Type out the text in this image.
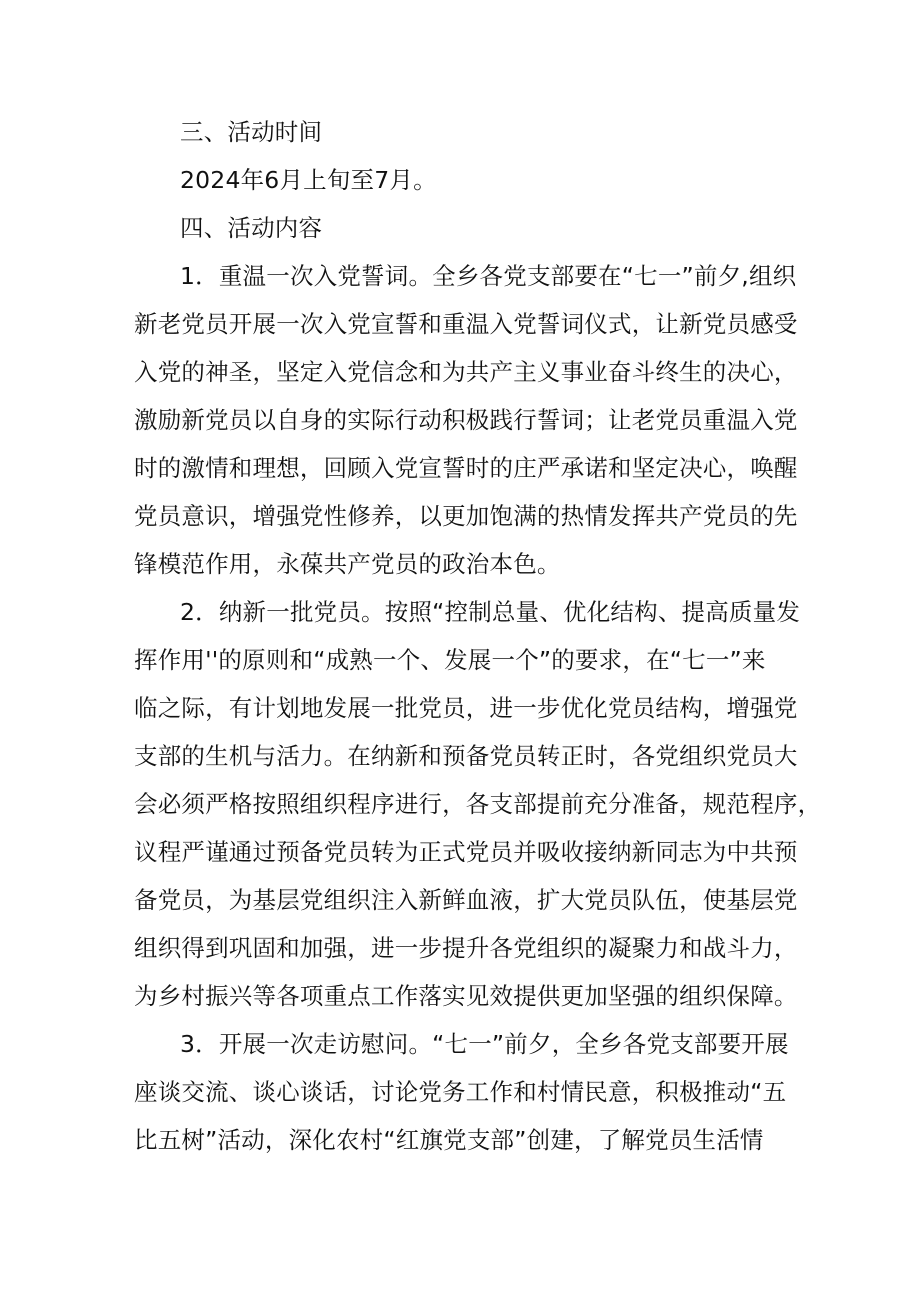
三、活动时间
2024年6月上旬至7月。
四、活动内容
1．重温一次入党誓词。全乡各党支部要在“七一”前夕,组织
新老党员开展一次入党宣誓和重温入党誓词仪式，让新党员感受
入党的神圣，坚定入党信念和为共产主义事业奋斗终生的决心，
激励新党员以自身的实际行动积极践行誓词；让老党员重温入党
时的激情和理想，回顾入党宣誓时的庄严承诺和坚定决心，唤醒
党员意识，增强党性修养，以更加饱满的热情发挥共产党员的先
锋模范作用，永葆共产党员的政治本色。
2．纳新一批党员。按照“控制总量、优化结构、提高质量发
挥作用''的原则和“成熟一个、发展一个”的要求，在“七一”来
临之际，有计划地发展一批党员，进一步优化党员结构，增强党
支部的生机与活力。在纳新和预备党员转正时，各党组织党员大
会必须严格按照组织程序进行，各支部提前充分准备，规范程序，
议程严谨通过预备党员转为正式党员并吸收接纳新同志为中共预
备党员，为基层党组织注入新鲜血液，扩大党员队伍，使基层党
组织得到巩固和加强，进一步提升各党组织的凝聚力和战斗力，
为乡村振兴等各项重点工作落实见效提供更加坚强的组织保障。
3．开展一次走访慰问。“七一”前夕，全乡各党支部要开展
座谈交流、谈心谈话，讨论党务工作和村情民意，积极推动“五
比五树”活动，深化农村“红旗党支部”创建，了解党员生活情
